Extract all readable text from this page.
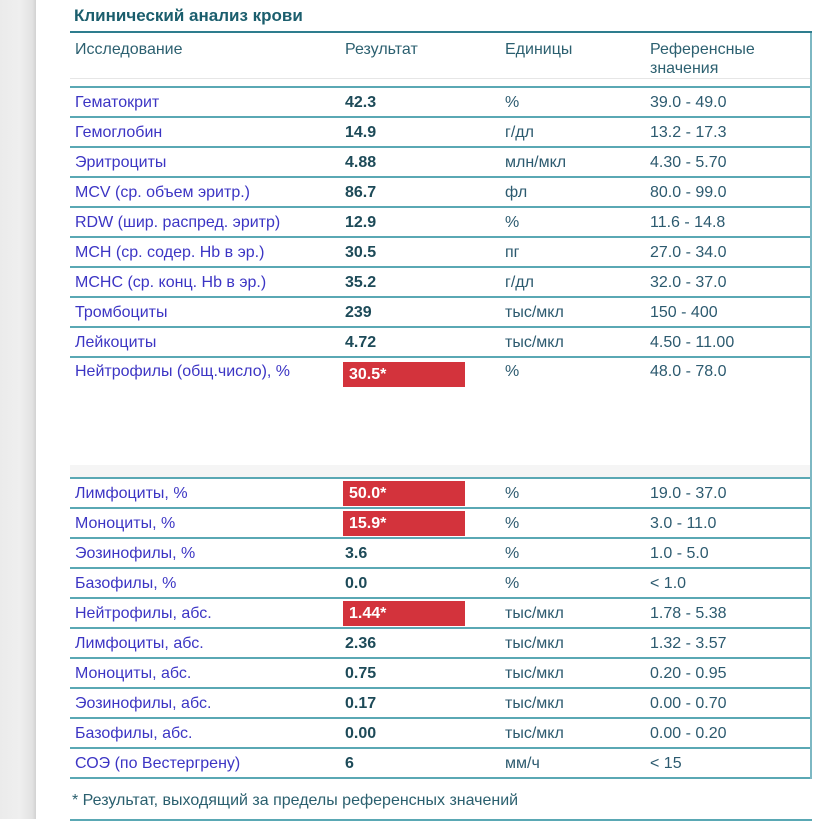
Клинический анализ крови
Исследование	Результат	Единицы	Референсные значения
Гематокрит	42.3	%	39.0 - 49.0
Гемоглобин	14.9	г/дл	13.2 - 17.3
Эритроциты	4.88	млн/мкл	4.30 - 5.70
MCV (ср. объем эритр.)	86.7	фл	80.0 - 99.0
RDW (шир. распред. эритр)	12.9	%	11.6 - 14.8
MCH (ср. содер. Hb в эр.)	30.5	пг	27.0 - 34.0
MCHC (ср. конц. Hb в эр.)	35.2	г/дл	32.0 - 37.0
Тромбоциты	239	тыс/мкл	150 - 400
Лейкоциты	4.72	тыс/мкл	4.50 - 11.00
Нейтрофилы (общ.число), %	30.5*	%	48.0 - 78.0
Лимфоциты, %	50.0*	%	19.0 - 37.0
Моноциты, %	15.9*	%	3.0 - 11.0
Эозинофилы, %	3.6	%	1.0 - 5.0
Базофилы, %	0.0	%	< 1.0
Нейтрофилы, абс.	1.44*	тыс/мкл	1.78 - 5.38
Лимфоциты, абс.	2.36	тыс/мкл	1.32 - 3.57
Моноциты, абс.	0.75	тыс/мкл	0.20 - 0.95
Эозинофилы, абс.	0.17	тыс/мкл	0.00 - 0.70
Базофилы, абс.	0.00	тыс/мкл	0.00 - 0.20
СОЭ (по Вестергрену)	6	мм/ч	< 15
* Результат, выходящий за пределы референсных значений
